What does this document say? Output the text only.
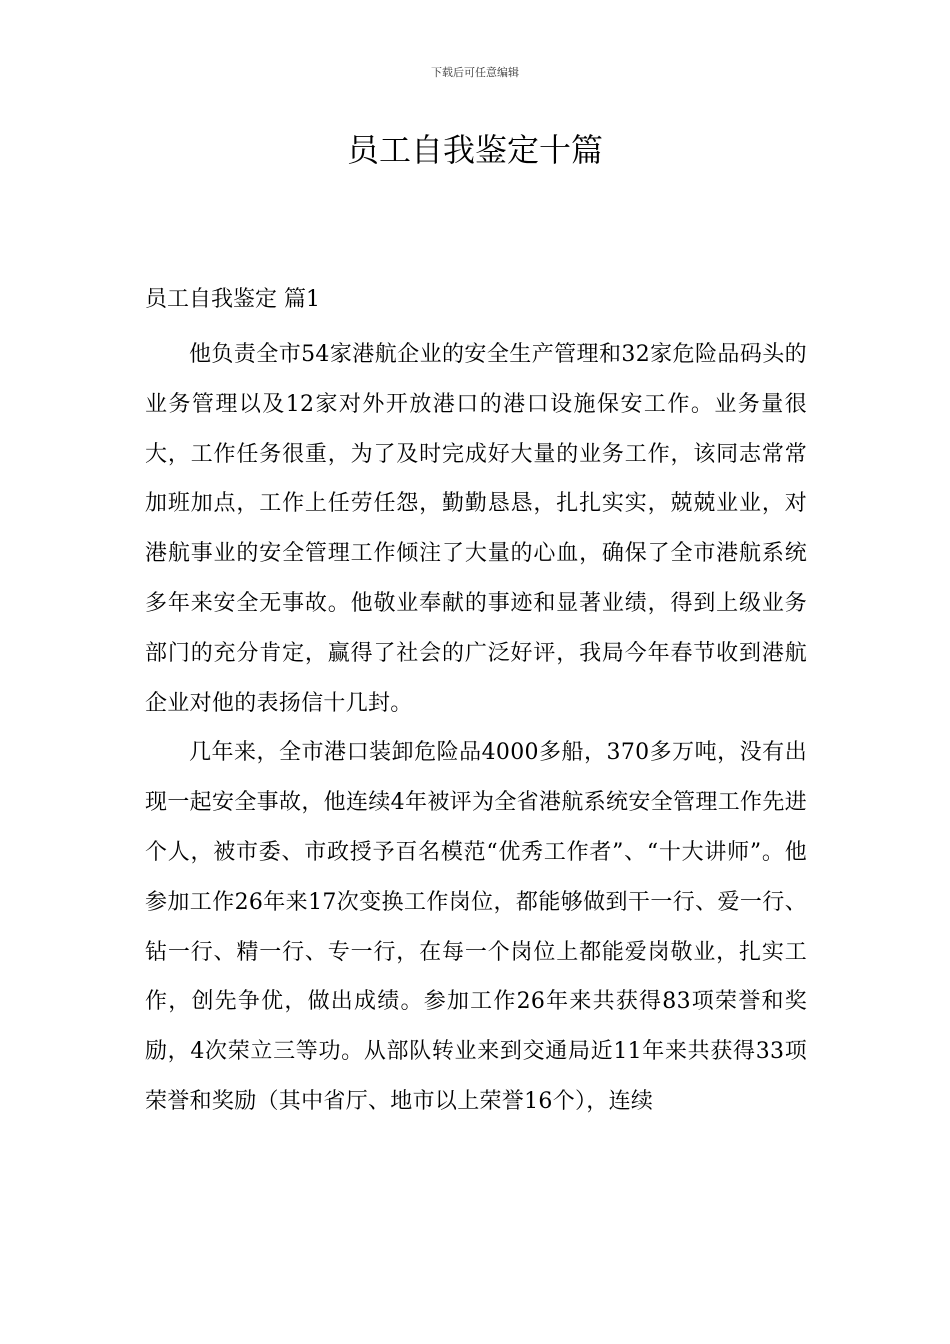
下载后可任意编辑
员工自我鉴定十篇
员工自我鉴定 篇1

他负责全市54家港航企业的安全生产管理和32家危险品码头的业务管理以及12家对外开放港口的港口设施保安工作。业务量很大，工作任务很重，为了及时完成好大量的业务工作，该同志常常加班加点，工作上任劳任怨，勤勤恳恳，扎扎实实，兢兢业业，对港航事业的安全管理工作倾注了大量的心血，确保了全市港航系统多年来安全无事故。他敬业奉献的事迹和显著业绩，得到上级业务部门的充分肯定，赢得了社会的广泛好评，我局今年春节收到港航企业对他的表扬信十几封。

几年来，全市港口装卸危险品4000多船，370多万吨，没有出现一起安全事故，他连续4年被评为全省港航系统安全管理工作先进个人，被市委、市政授予百名模范“优秀工作者”、“十大讲师”。他参加工作26年来17次变换工作岗位，都能够做到干一行、爱一行、钻一行、精一行、专一行，在每一个岗位上都能爱岗敬业，扎实工作，创先争优，做出成绩。参加工作26年来共获得83项荣誉和奖励，4次荣立三等功。从部队转业来到交通局近11年来共获得33项荣誉和奖励（其中省厅、地市以上荣誉16个），连续
